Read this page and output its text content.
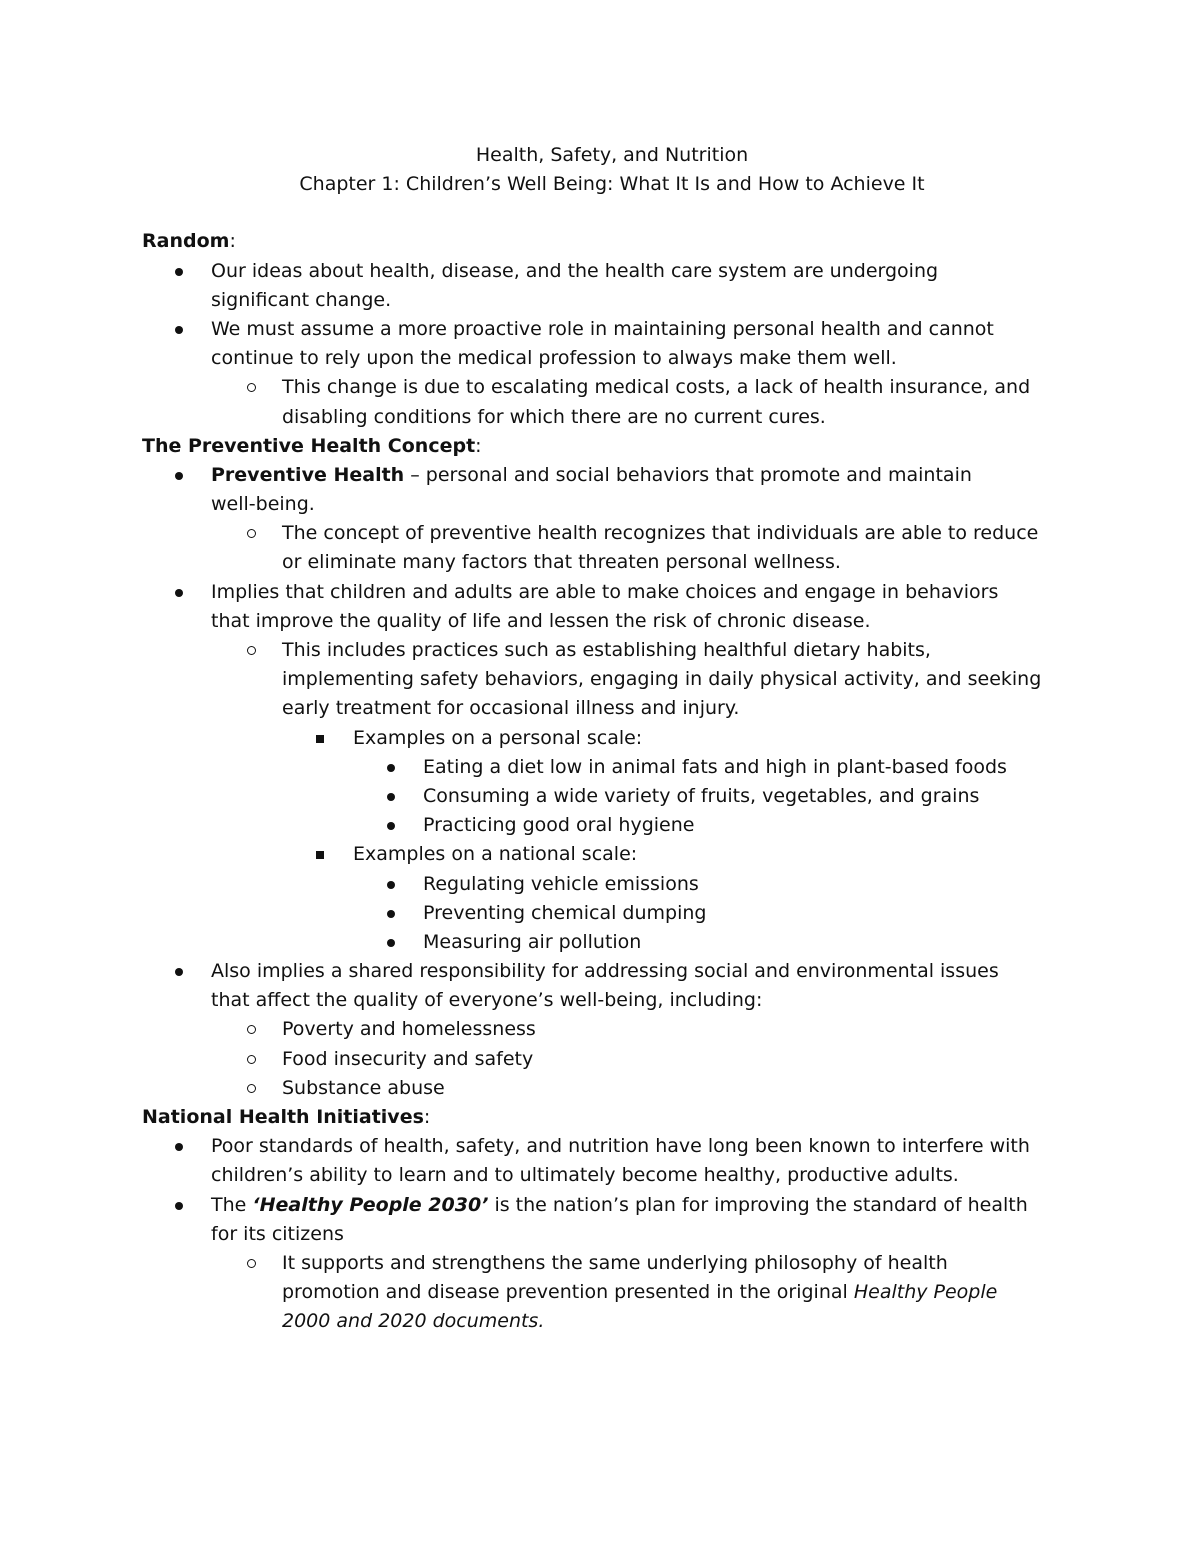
Health, Safety, and Nutrition
Chapter 1: Children’s Well Being: What It Is and How to Achieve It
Random:
Our ideas about health, disease, and the health care system are undergoing
significant change.
We must assume a more proactive role in maintaining personal health and cannot
continue to rely upon the medical profession to always make them well.
This change is due to escalating medical costs, a lack of health insurance, and
disabling conditions for which there are no current cures.
The Preventive Health Concept:
Preventive Health – personal and social behaviors that promote and maintain
well-being.
The concept of preventive health recognizes that individuals are able to reduce
or eliminate many factors that threaten personal wellness.
Implies that children and adults are able to make choices and engage in behaviors
that improve the quality of life and lessen the risk of chronic disease.
This includes practices such as establishing healthful dietary habits,
implementing safety behaviors, engaging in daily physical activity, and seeking
early treatment for occasional illness and injury.
Examples on a personal scale:
Eating a diet low in animal fats and high in plant-based foods
Consuming a wide variety of fruits, vegetables, and grains
Practicing good oral hygiene
Examples on a national scale:
Regulating vehicle emissions
Preventing chemical dumping
Measuring air pollution
Also implies a shared responsibility for addressing social and environmental issues
that affect the quality of everyone’s well-being, including:
Poverty and homelessness
Food insecurity and safety
Substance abuse
National Health Initiatives:
Poor standards of health, safety, and nutrition have long been known to interfere with
children’s ability to learn and to ultimately become healthy, productive adults.
The ‘Healthy People 2030’ is the nation’s plan for improving the standard of health
for its citizens
It supports and strengthens the same underlying philosophy of health
promotion and disease prevention presented in the original Healthy People
2000 and 2020 documents.
